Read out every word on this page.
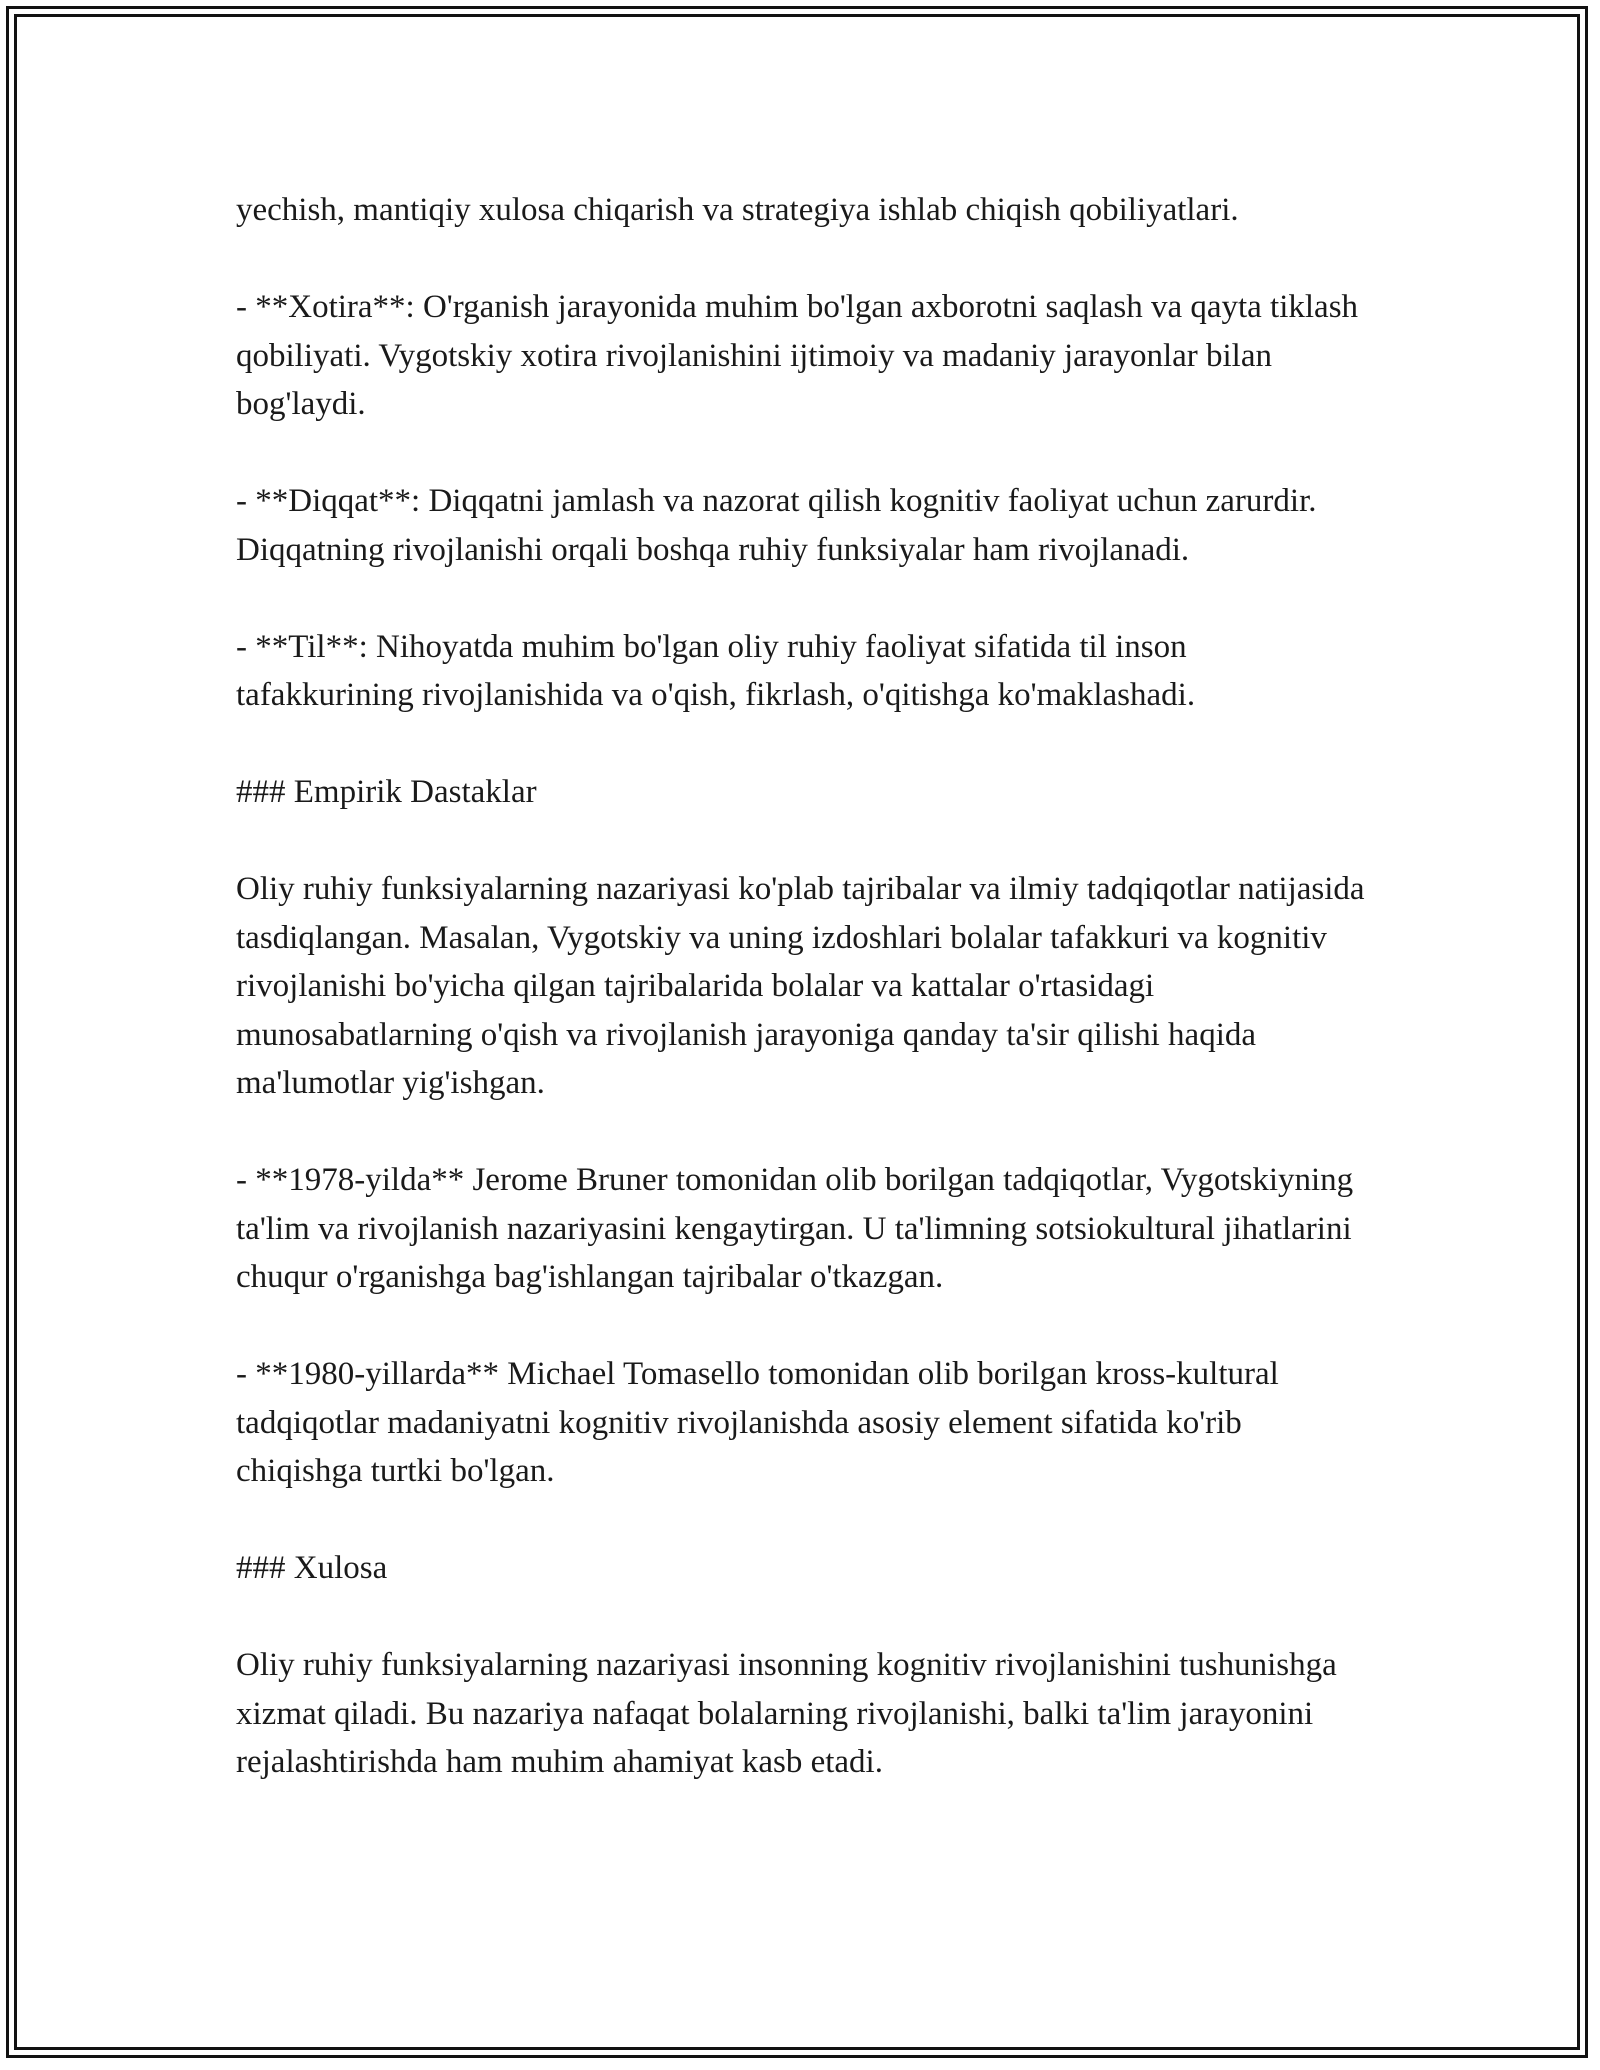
yechish, mantiqiy xulosa chiqarish va strategiya ishlab chiqish qobiliyatlari.

- **Xotira**: O'rganish jarayonida muhim bo'lgan axborotni saqlash va qayta tiklash qobiliyati. Vygotskiy xotira rivojlanishini ijtimoiy va madaniy jarayonlar bilan bog'laydi.

- **Diqqat**: Diqqatni jamlash va nazorat qilish kognitiv faoliyat uchun zarurdir. Diqqatning rivojlanishi orqali boshqa ruhiy funksiyalar ham rivojlanadi.

- **Til**: Nihoyatda muhim bo'lgan oliy ruhiy faoliyat sifatida til inson tafakkurining rivojlanishida va o'qish, fikrlash, o'qitishga ko'maklashadi.

### Empirik Dastaklar

Oliy ruhiy funksiyalarning nazariyasi ko'plab tajribalar va ilmiy tadqiqotlar natijasida tasdiqlangan. Masalan, Vygotskiy va uning izdoshlari bolalar tafakkuri va kognitiv rivojlanishi bo'yicha qilgan tajribalarida bolalar va kattalar o'rtasidagi munosabatlarning o'qish va rivojlanish jarayoniga qanday ta'sir qilishi haqida ma'lumotlar yig'ishgan.

- **1978-yilda** Jerome Bruner tomonidan olib borilgan tadqiqotlar, Vygotskiyning ta'lim va rivojlanish nazariyasini kengaytirgan. U ta'limning sotsiokultural jihatlarini chuqur o'rganishga bag'ishlangan tajribalar o'tkazgan.

- **1980-yillarda** Michael Tomasello tomonidan olib borilgan kross-kultural tadqiqotlar madaniyatni kognitiv rivojlanishda asosiy element sifatida ko'rib chiqishga turtki bo'lgan.

### Xulosa

Oliy ruhiy funksiyalarning nazariyasi insonning kognitiv rivojlanishini tushunishga xizmat qiladi. Bu nazariya nafaqat bolalarning rivojlanishi, balki ta'lim jarayonini rejalashtirishda ham muhim ahamiyat kasb etadi.
